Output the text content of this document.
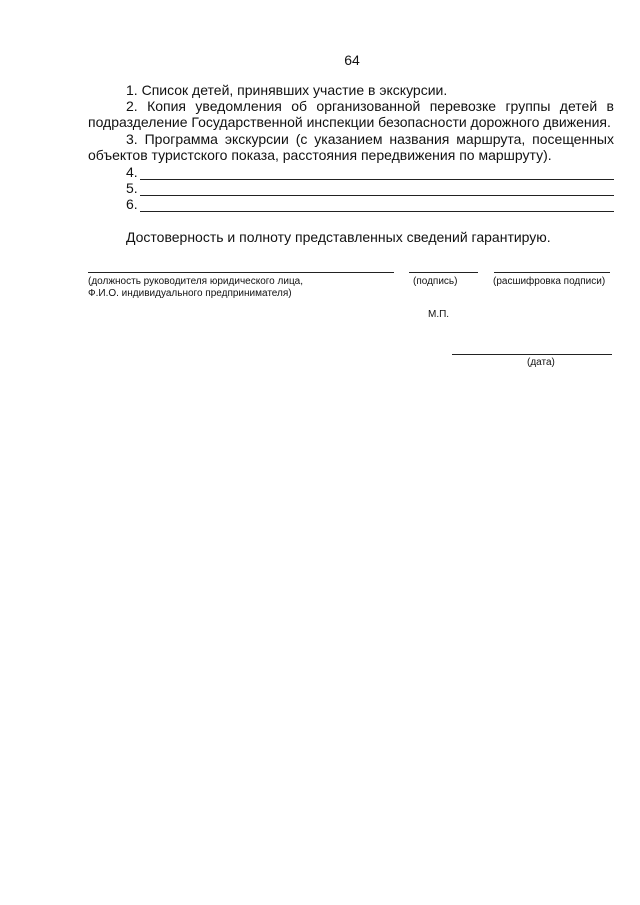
64
1. Список детей, принявших участие в экскурсии.
2. Копия уведомления об организованной перевозке группы детей в подразделение Государственной инспекции безопасности дорожного движения.
3. Программа экскурсии (с указанием названия маршрута, посещенных объектов туристского показа, расстояния передвижения по маршруту).
4.
5.
6.
Достоверность и полноту представленных сведений гарантирую.
(должность руководителя юридического лица,
Ф.И.О. индивидуального предпринимателя)
(подпись)	(расшифровка подписи)
М.П.
(дата)
